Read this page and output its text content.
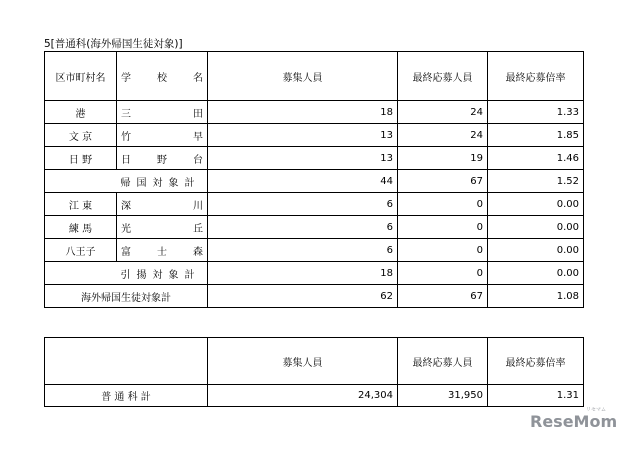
5[普通科(海外帰国生徒対象)]
区市町村名	学 校 名	募集人員	最終応募人員	最終応募倍率
港	三 田	18	24	1.33
文 京	竹 早	13	24	1.85
日 野	日 野 台	13	19	1.46
	帰国対象計	44	67	1.52
江 東	深 川	6	0	0.00
練 馬	光 丘	6	0	0.00
八王子	富 士 森	6	0	0.00
	引揚対象計	18	0	0.00
海外帰国生徒対象計		62	67	1.08
	募集人員	最終応募人員	最終応募倍率
普 通 科 計	24,304	31,950	1.31
リセマム
ReseMom
